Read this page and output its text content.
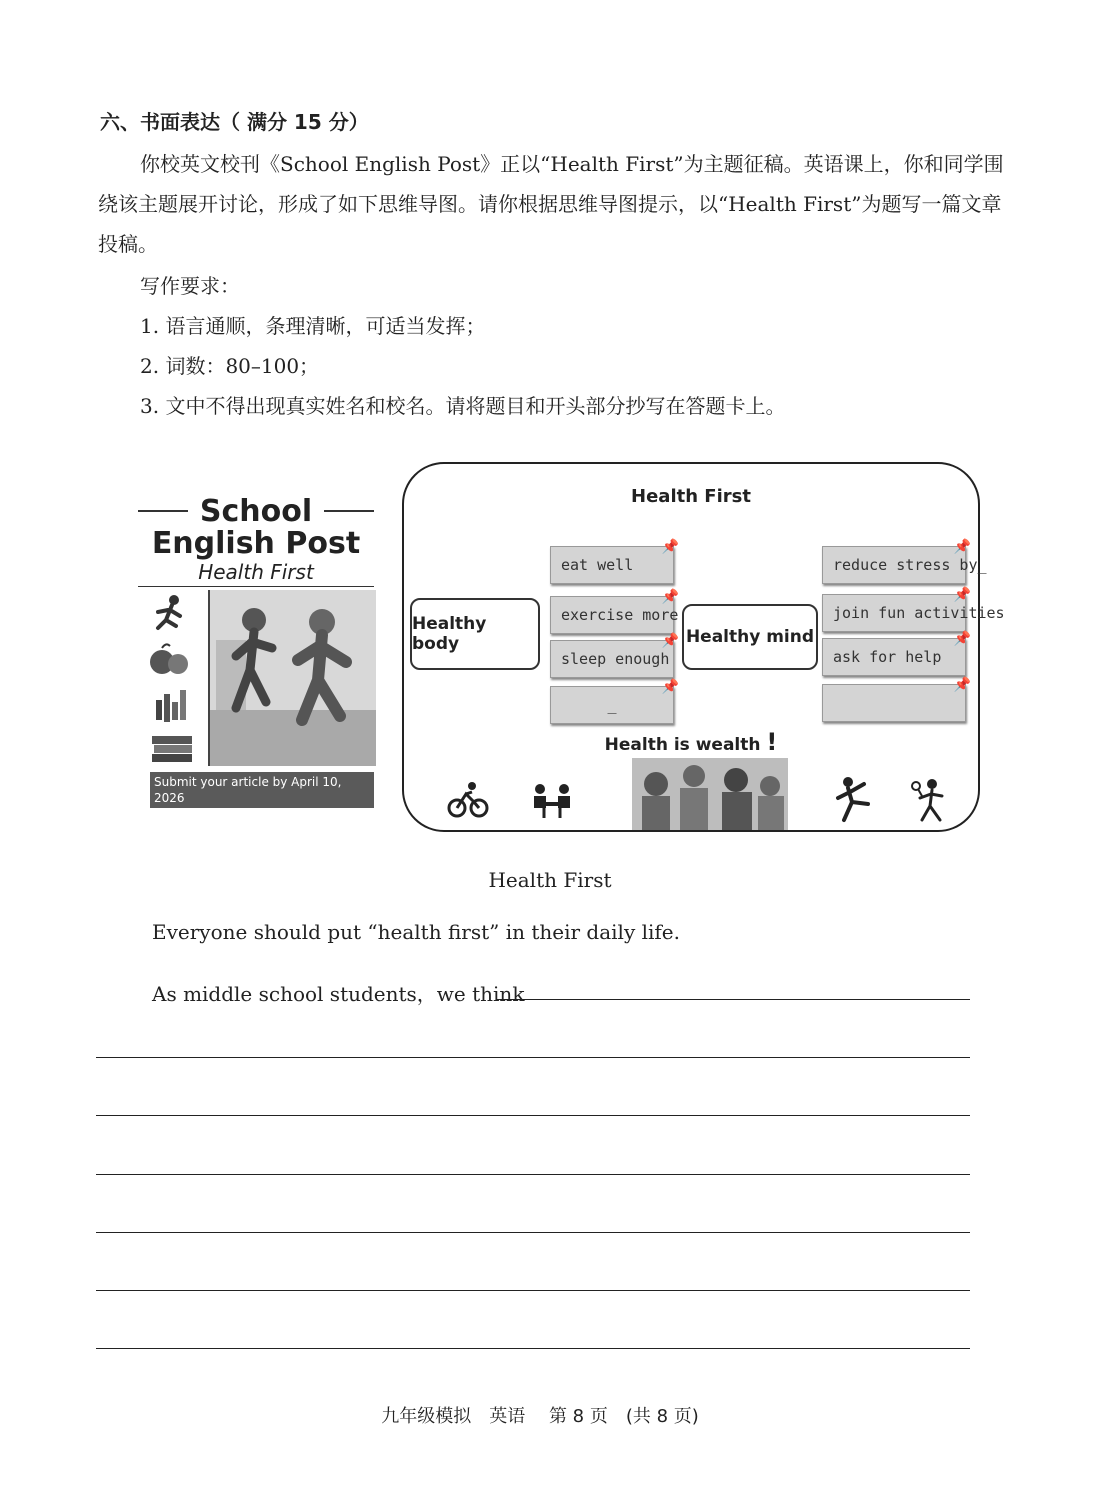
六、书面表达（ 满分 15 分）
你校英文校刊《School English Post》正以“Health First”为主题征稿。英语课上，你和同学围绕该主题展开讨论，形成了如下思维导图。请你根据思维导图提示，以“Health First”为题写一篇文章投稿。
写作要求：
1. 语言通顺，条理清晰，可适当发挥；
2. 词数：80–100；
3. 文中不得出现真实姓名和校名。请将题目和开头部分抄写在答题卡上。
School
English Post
Health First
Submit your article by April 10, 2026
schoolenglishpost@greenhill.com
Health First
Healthy body
eat well
📌
exercise more
📌
sleep enough
📌
_
📌
Healthy mind
reduce stress by_
📌
join fun activities
📌
ask for help
📌
📌
Health is wealth !
Health First
Everyone should put “health first” in their daily life.
As middle school students，we think
九年级模拟　英语　 第 8 页　(共 8 页)
